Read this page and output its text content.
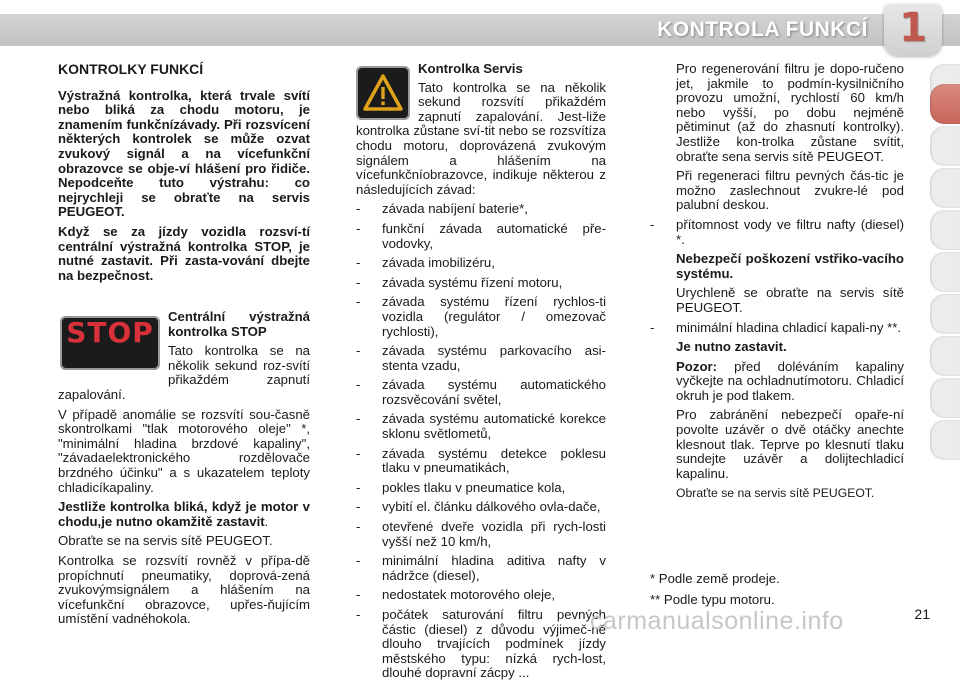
KONTROLA FUNKCÍ 1
KONTROLKY FUNKCÍ

Výstražná kontrolka, která trvale svítí nebo bliká za chodu motoru, je znamením funkčnízávady. Při rozsvícení některých kontrolek se může ozvat zvukový signál a na vícefunkční obrazovce se obje-ví hlášení pro řidiče. Nepodceňte tuto výstrahu: co nejrychleji se obraťte na servis PEUGEOT.

Když se za jízdy vozidla rozsví-tí centrální výstražná kontrolka STOP, je nutné zastavit. Při zasta-vování dbejte na bezpečnost.

STOP	Centrální výstražná kontrolka STOP

Tato kontrolka se na několik sekund roz-svítí přikaždém zapnutí zapalování.

V případě anomálie se rozsvítí sou-časně skontrolkami "tlak motorového oleje" *, "minimální hladina brzdové kapaliny", "závadaelektronického rozdělovače brzdného účinku" a s ukazatelem teploty chladicíkapaliny.

Jestliže kontrolka bliká, když je motor v chodu,je nutno okamžitě zastavit.

Obraťte se na servis sítě PEUGEOT.

Kontrolka se rozsvítí rovněž v přípa-dě propíchnutí pneumatiky, doprová-zená zvukovýmsignálem a hlášením na vícefunkční obrazovce, upřes-ňujícím umístění vadnéhokola.

Kontrolka Servis

Tato kontrolka se na několik sekund rozsvítí přikaždém zapnutí zapalování. Jest-liže kontrolka zůstane sví-tit nebo se rozsvítíza chodu motoru, doprovázená zvukovým signálem a hlášením na vícefunkčníobrazovce, indikuje některou z následujících závad:

- závada nabíjení baterie*,
- funkční závada automatické pře-vodovky,
- závada imobilizéru,
- závada systému řízení motoru,
- závada systému řízení rychlos-ti vozidla (regulátor / omezovač rychlosti),
- závada systému parkovacího asi-stenta vzadu,
- závada systému automatického rozsvěcování světel,
- závada systému automatické korekce sklonu světlometů,
- závada systému detekce poklesu tlaku v pneumatikách,
- pokles tlaku v pneumatice kola,
- vybití el. článku dálkového ovla-dače,
- otevřené dveře vozidla při rych-losti vyšší než 10 km/h,
- minimální hladina aditiva nafty v nádržce (diesel),
- nedostatek motorového oleje,
- počátek saturování filtru pevných částic (diesel) z důvodu výjimeč-ně dlouho trvajících podmínek jízdy městského typu: nízká rych-lost, dlouhé dopravní zácpy ...

Pro regenerování filtru je dopo-ručeno jet, jakmile to podmín-kysilničního provozu umožní, rychlostí 60 km/h nebo vyšší, po dobu nejméně pětiminut (až do zhasnutí kontrolky). Jestliže kon-trolka zůstane svítit, obraťte sena servis sítě PEUGEOT.

Při regeneraci filtru pevných čás-tic je možno zaslechnout zvukre-lé pod palubní deskou.

- přítomnost vody ve filtru nafty (diesel) *.

Nebezpečí poškození vstřiko-vacího systému.

Urychleně se obraťte na servis sítě PEUGEOT.

- minimální hladina chladicí kapali-ny **.

Je nutno zastavit.

Pozor: před doléváním kapaliny vyčkejte na ochladnutímotoru. Chladicí okruh je pod tlakem.

Pro zabránění nebezpečí opaře-ní povolte uzávěr o dvě otáčky anechte klesnout tlak. Teprve po klesnutí tlaku sundejte uzávěr a dolijtechladicí kapalinu.

Obraťte se na servis sítě PEUGEOT.

* Podle země prodeje.
** Podle typu motoru.
carmanualsonline.info	21
